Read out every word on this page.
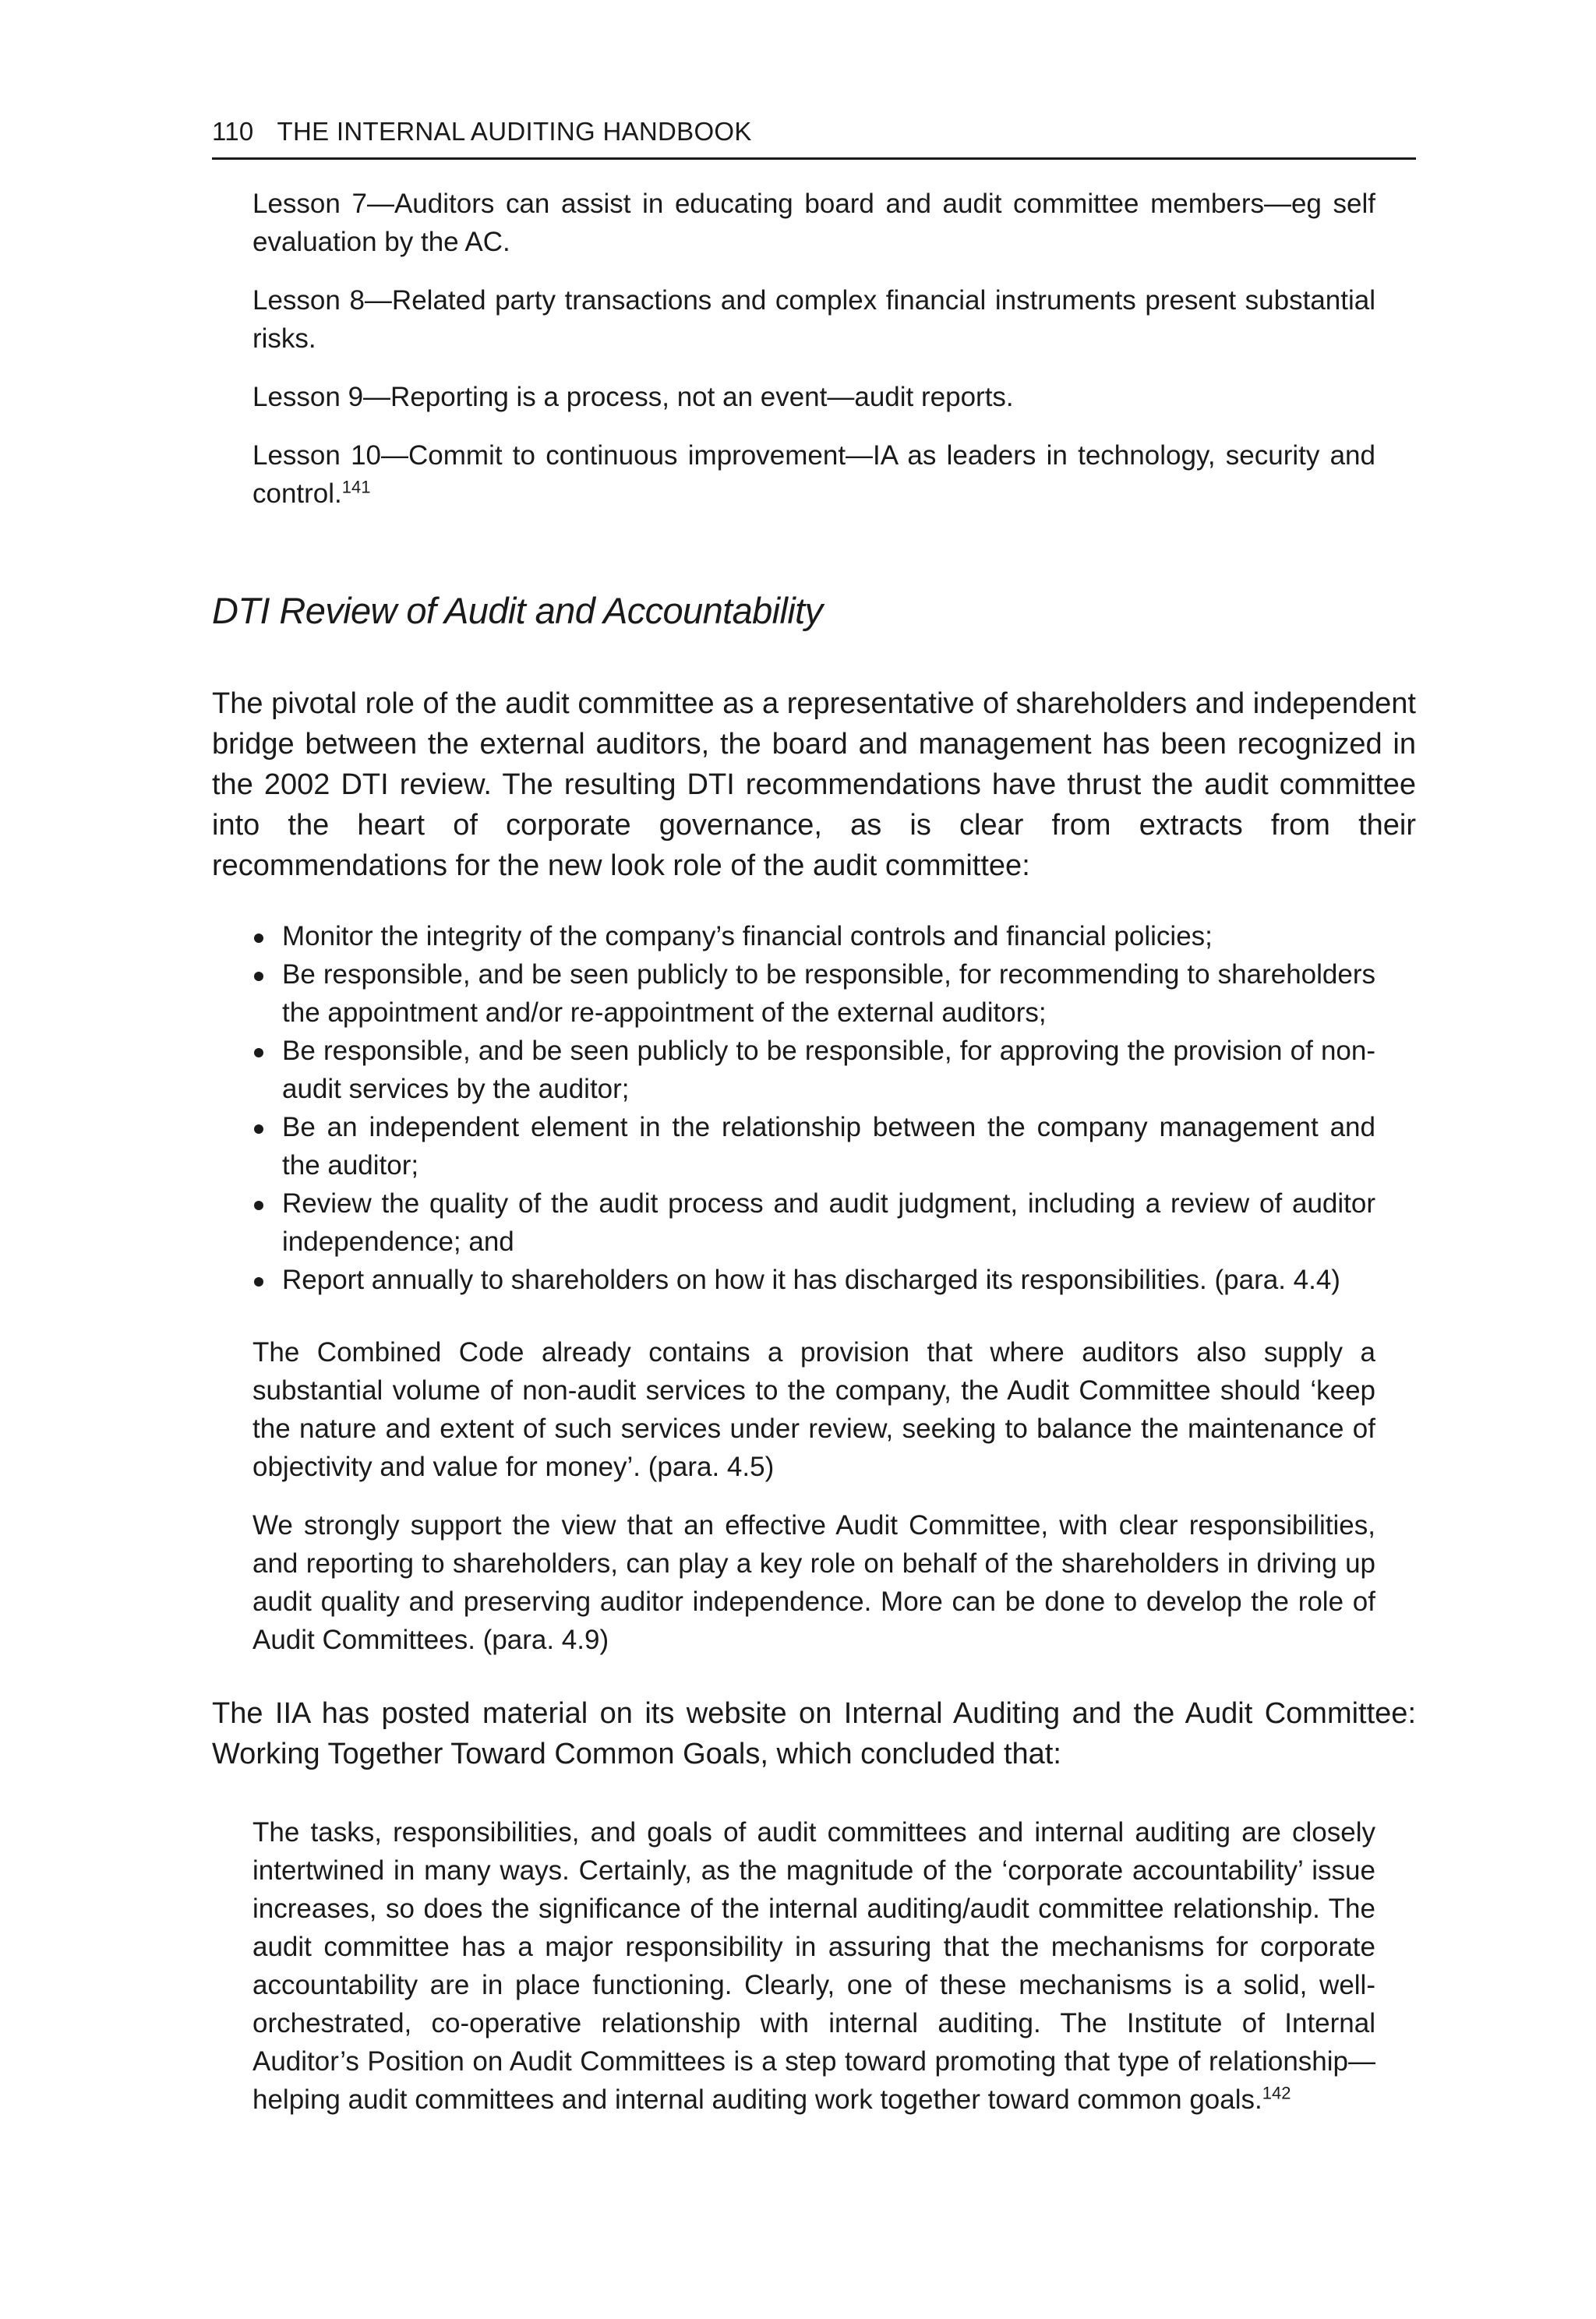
110 THE INTERNAL AUDITING HANDBOOK

Lesson 7—Auditors can assist in educating board and audit committee members—eg self evaluation by the AC.

Lesson 8—Related party transactions and complex financial instruments present substantial risks.

Lesson 9—Reporting is a process, not an event—audit reports.

Lesson 10—Commit to continuous improvement—IA as leaders in technology, security and control.$^{141}$

DTI Review of Audit and Accountability

The pivotal role of the audit committee as a representative of shareholders and independent bridge between the external auditors, the board and management has been recognized in the 2002 DTI review. The resulting DTI recommendations have thrust the audit committee into the heart of corporate governance, as is clear from extracts from their recommendations for the new look role of the audit committee:

Monitor the integrity of the company’s financial controls and financial policies;
Be responsible, and be seen publicly to be responsible, for recommending to shareholders the appointment and/or re-appointment of the external auditors;
Be responsible, and be seen publicly to be responsible, for approving the provision of non-audit services by the auditor;
Be an independent element in the relationship between the company management and the auditor;
Review the quality of the audit process and audit judgment, including a review of auditor independence; and
Report annually to shareholders on how it has discharged its responsibilities. (para. 4.4)

The Combined Code already contains a provision that where auditors also supply a substantial volume of non-audit services to the company, the Audit Committee should ‘keep the nature and extent of such services under review, seeking to balance the maintenance of objectivity and value for money’. (para. 4.5)

We strongly support the view that an effective Audit Committee, with clear responsibilities, and reporting to shareholders, can play a key role on behalf of the shareholders in driving up audit quality and preserving auditor independence. More can be done to develop the role of Audit Committees. (para. 4.9)

The IIA has posted material on its website on Internal Auditing and the Audit Committee: Working Together Toward Common Goals, which concluded that:

The tasks, responsibilities, and goals of audit committees and internal auditing are closely intertwined in many ways. Certainly, as the magnitude of the ‘corporate accountability’ issue increases, so does the significance of the internal auditing/audit committee relationship. The audit committee has a major responsibility in assuring that the mechanisms for corporate accountability are in place functioning. Clearly, one of these mechanisms is a solid, well-orchestrated, co-operative relationship with internal auditing. The Institute of Internal Auditor’s Position on Audit Committees is a step toward promoting that type of relationship—helping audit committees and internal auditing work together toward common goals.$^{142}$
